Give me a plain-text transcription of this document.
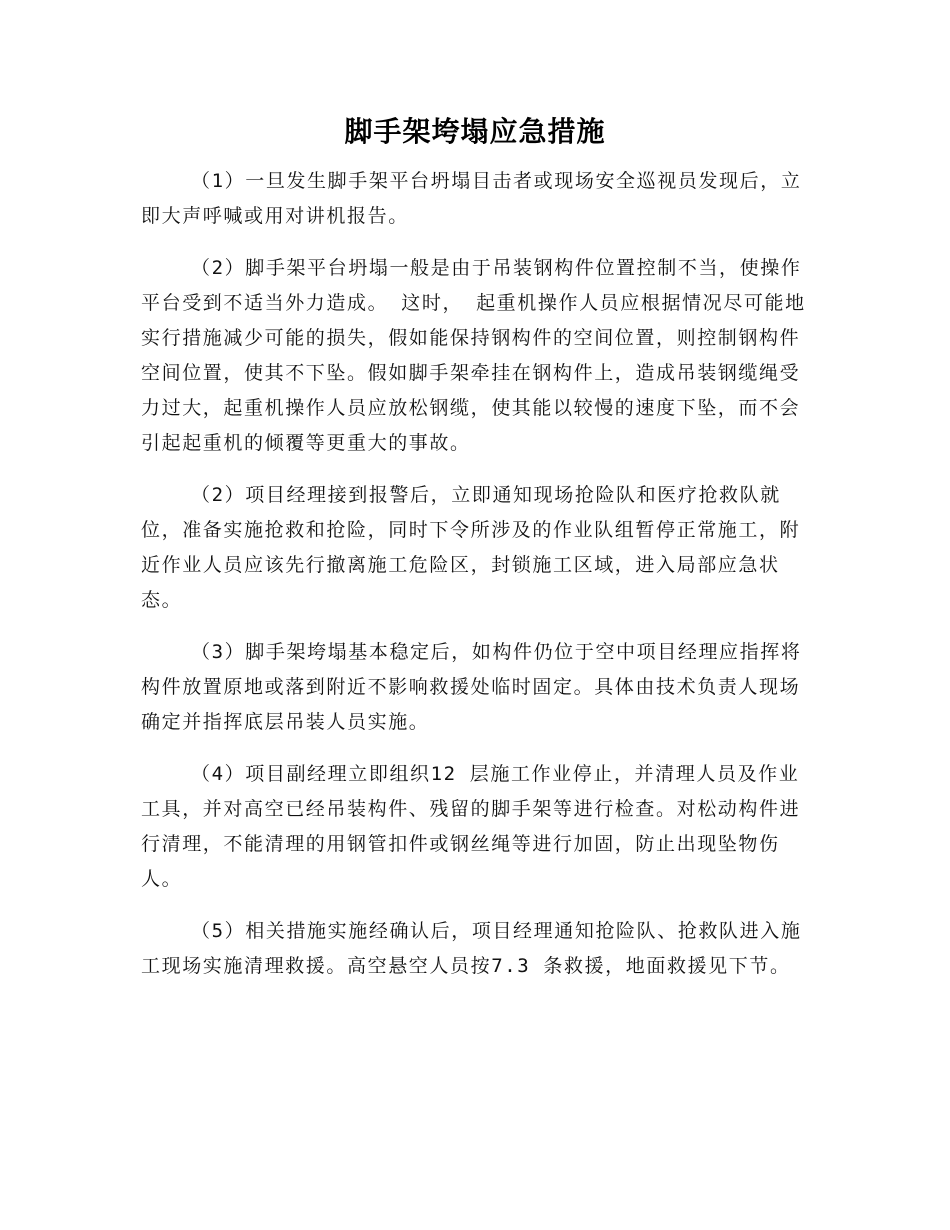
脚手架垮塌应急措施

（1）一旦发生脚手架平台坍塌目击者或现场安全巡视员发现后，立即大声呼喊或用对讲机报告。

（2）脚手架平台坍塌一般是由于吊装钢构件位置控制不当，使操作平台受到不适当外力造成。 这时， 起重机操作人员应根据情况尽可能地实行措施减少可能的损失，假如能保持钢构件的空间位置，则控制钢构件空间位置，使其不下坠。假如脚手架牵挂在钢构件上，造成吊装钢缆绳受力过大，起重机操作人员应放松钢缆，使其能以较慢的速度下坠，而不会引起起重机的倾覆等更重大的事故。

（2）项目经理接到报警后，立即通知现场抢险队和医疗抢救队就位，准备实施抢救和抢险，同时下令所涉及的作业队组暂停正常施工，附近作业人员应该先行撤离施工危险区，封锁施工区域，进入局部应急状态。

（3）脚手架垮塌基本稳定后，如构件仍位于空中项目经理应指挥将构件放置原地或落到附近不影响救援处临时固定。具体由技术负责人现场确定并指挥底层吊装人员实施。

（4）项目副经理立即组织12 层施工作业停止，并清理人员及作业工具，并对高空已经吊装构件、残留的脚手架等进行检查。对松动构件进行清理，不能清理的用钢管扣件或钢丝绳等进行加固，防止出现坠物伤人。

（5）相关措施实施经确认后，项目经理通知抢险队、抢救队进入施工现场实施清理救援。高空悬空人员按7.3 条救援，地面救援见下节。
